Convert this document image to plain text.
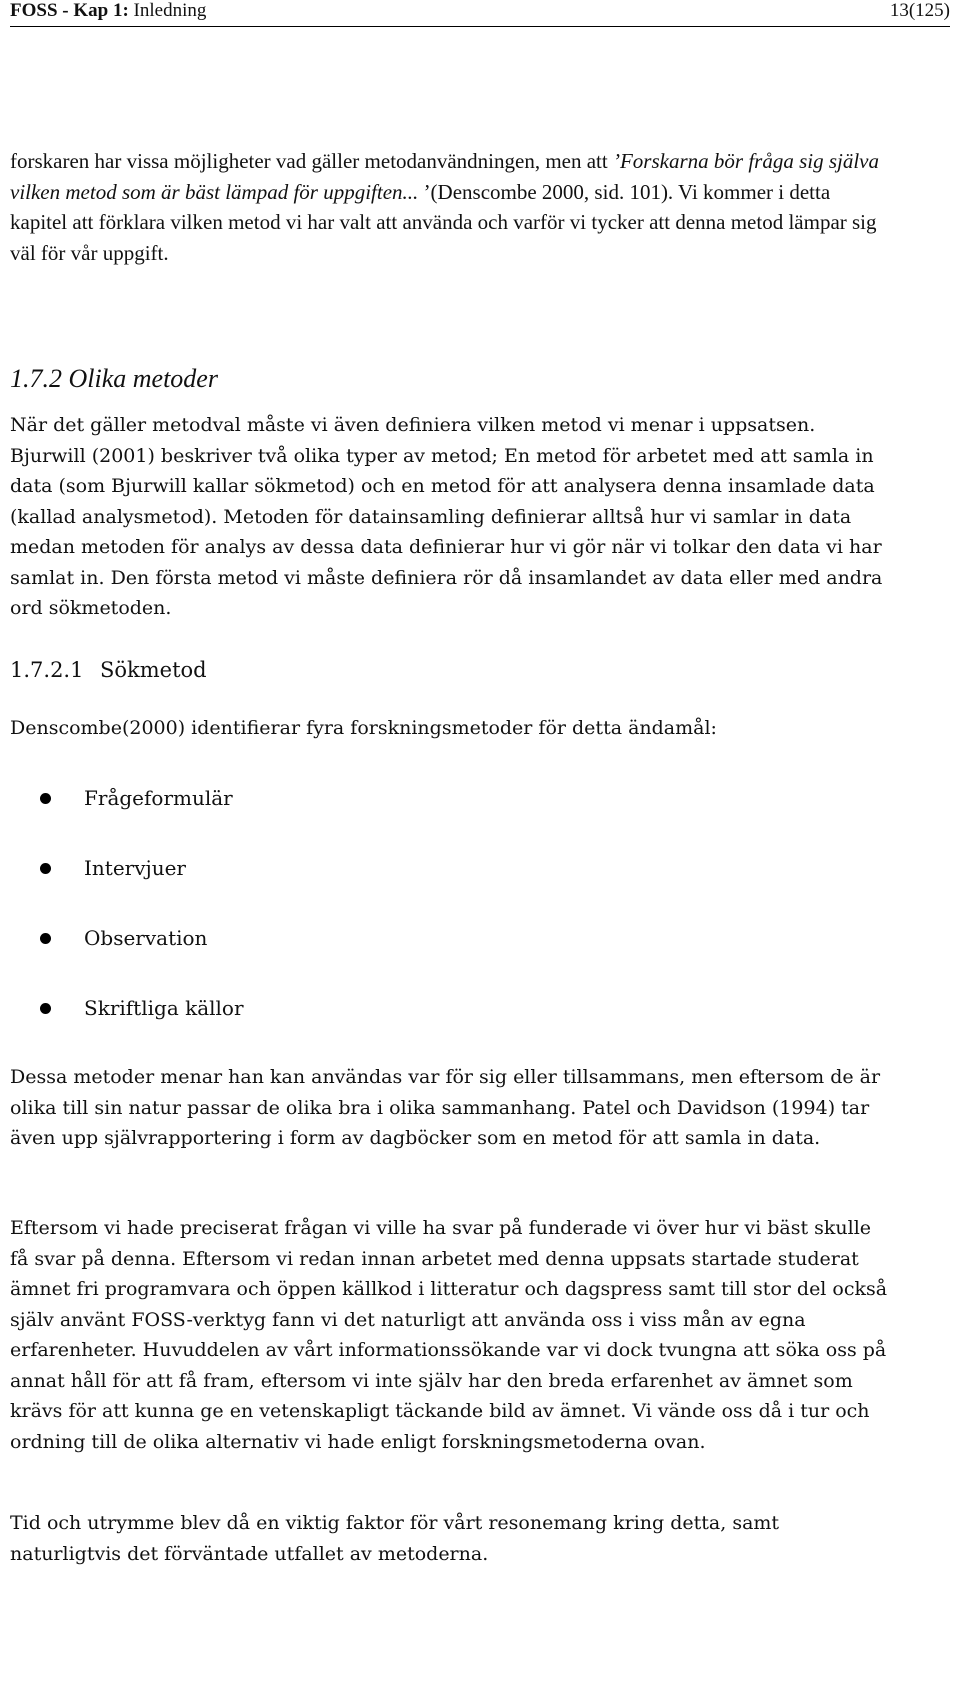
FOSS - Kap 1: Inledning	13(125)

forskaren har vissa möjligheter vad gäller metodanvändningen, men att ’Forskarna bör fråga sig själva vilken metod som är bäst lämpad för uppgiften... ’(Denscombe 2000, sid. 101). Vi kommer i detta kapitel att förklara vilken metod vi har valt att använda och varför vi tycker att denna metod lämpar sig väl för vår uppgift.

1.7.2 Olika metoder

När det gäller metodval måste vi även definiera vilken metod vi menar i uppsatsen. Bjurwill (2001) beskriver två olika typer av metod; En metod för arbetet med att samla in data (som Bjurwill kallar sökmetod) och en metod för att analysera denna insamlade data (kallad analysmetod). Metoden för datainsamling definierar alltså hur vi samlar in data medan metoden för analys av dessa data definierar hur vi gör när vi tolkar den data vi har samlat in. Den första metod vi måste definiera rör då insamlandet av data eller med andra ord sökmetoden.

1.7.2.1 Sökmetod

Denscombe(2000) identifierar fyra forskningsmetoder för detta ändamål:

Frågeformulär
Intervjuer
Observation
Skriftliga källor

Dessa metoder menar han kan användas var för sig eller tillsammans, men eftersom de är olika till sin natur passar de olika bra i olika sammanhang. Patel och Davidson (1994) tar även upp självrapportering i form av dagböcker som en metod för att samla in data.

Eftersom vi hade preciserat frågan vi ville ha svar på funderade vi över hur vi bäst skulle få svar på denna. Eftersom vi redan innan arbetet med denna uppsats startade studerat ämnet fri programvara och öppen källkod i litteratur och dagspress samt till stor del också själv använt FOSS-verktyg fann vi det naturligt att använda oss i viss mån av egna erfarenheter. Huvuddelen av vårt informationssökande var vi dock tvungna att söka oss på annat håll för att få fram, eftersom vi inte själv har den breda erfarenhet av ämnet som krävs för att kunna ge en vetenskapligt täckande bild av ämnet. Vi vände oss då i tur och ordning till de olika alternativ vi hade enligt forskningsmetoderna ovan.

Tid och utrymme blev då en viktig faktor för vårt resonemang kring detta, samt naturligtvis det förväntade utfallet av metoderna.
